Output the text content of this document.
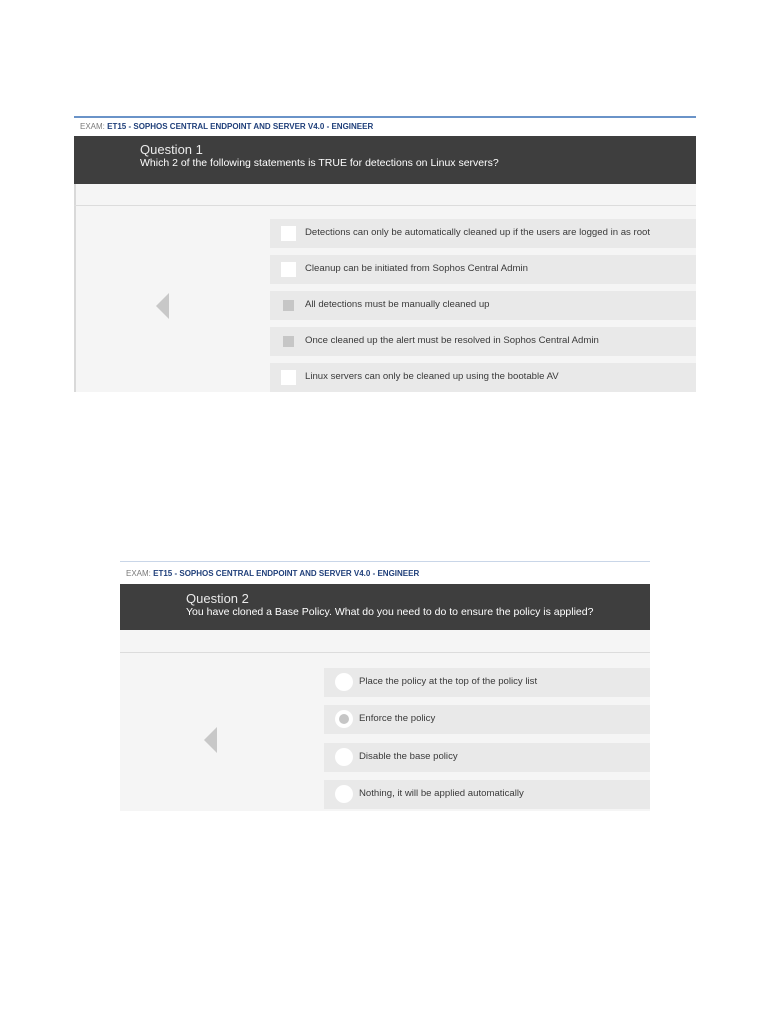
EXAM: ET15 - SOPHOS CENTRAL ENDPOINT AND SERVER V4.0 - ENGINEER
Question 1
Which 2 of the following statements is TRUE for detections on Linux servers?
Detections can only be automatically cleaned up if the users are logged in as root
Cleanup can be initiated from Sophos Central Admin
All detections must be manually cleaned up
Once cleaned up the alert must be resolved in Sophos Central Admin
Linux servers can only be cleaned up using the bootable AV
EXAM: ET15 - SOPHOS CENTRAL ENDPOINT AND SERVER V4.0 - ENGINEER
Question 2
You have cloned a Base Policy. What do you need to do to ensure the policy is applied?
Place the policy at the top of the policy list
Enforce the policy
Disable the base policy
Nothing, it will be applied automatically
